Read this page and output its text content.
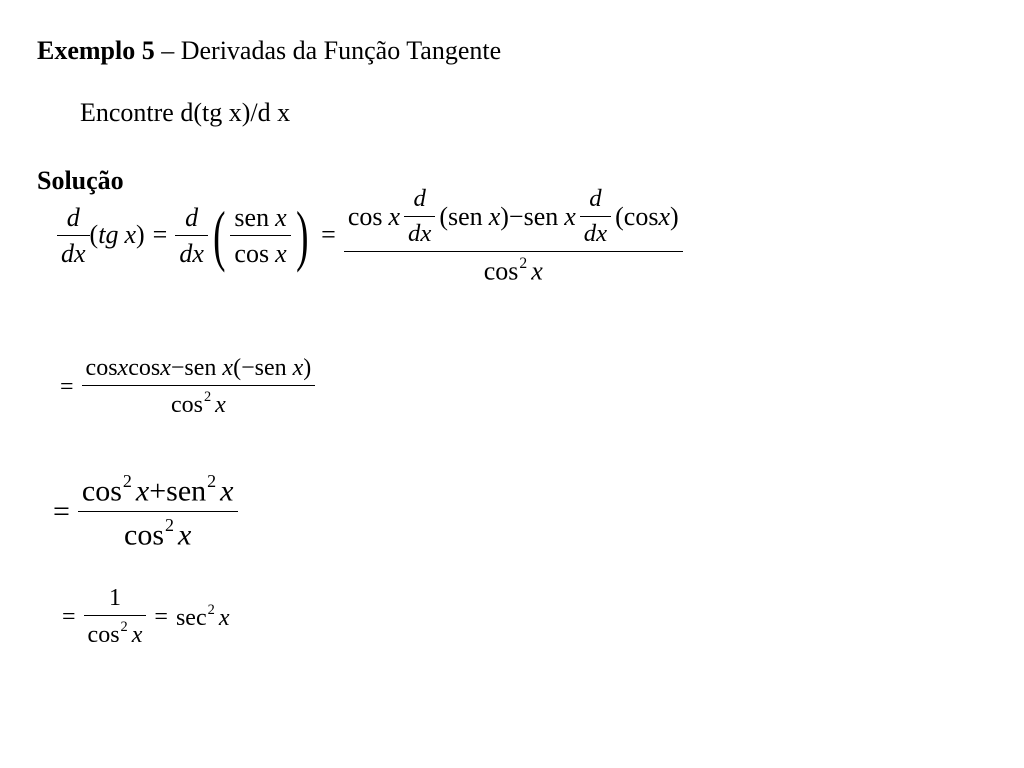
Exemplo 5 – Derivadas da Função Tangente
Encontre d(tg x)/d x
Solução
$\frac{d}{dx}$ ( tg x ) = $\frac{d}{dx}$ ( $\frac{\text{sen x}}{\text{cos x}}$ ) =
cos x $\frac{d}{dx}$ ( sen x ) − sen x $\frac{d}{dx}$ ( cos x )
$\cos^2 x$
= $\frac{\text{cosxcosx−sen x(−sen x)}}{\cos^2 x}$
= $\frac{\cos^2 x+sen^2 x}{\cos^2 x}$
= $\frac{1}{\cos^2 x} = \sec^2 x$
